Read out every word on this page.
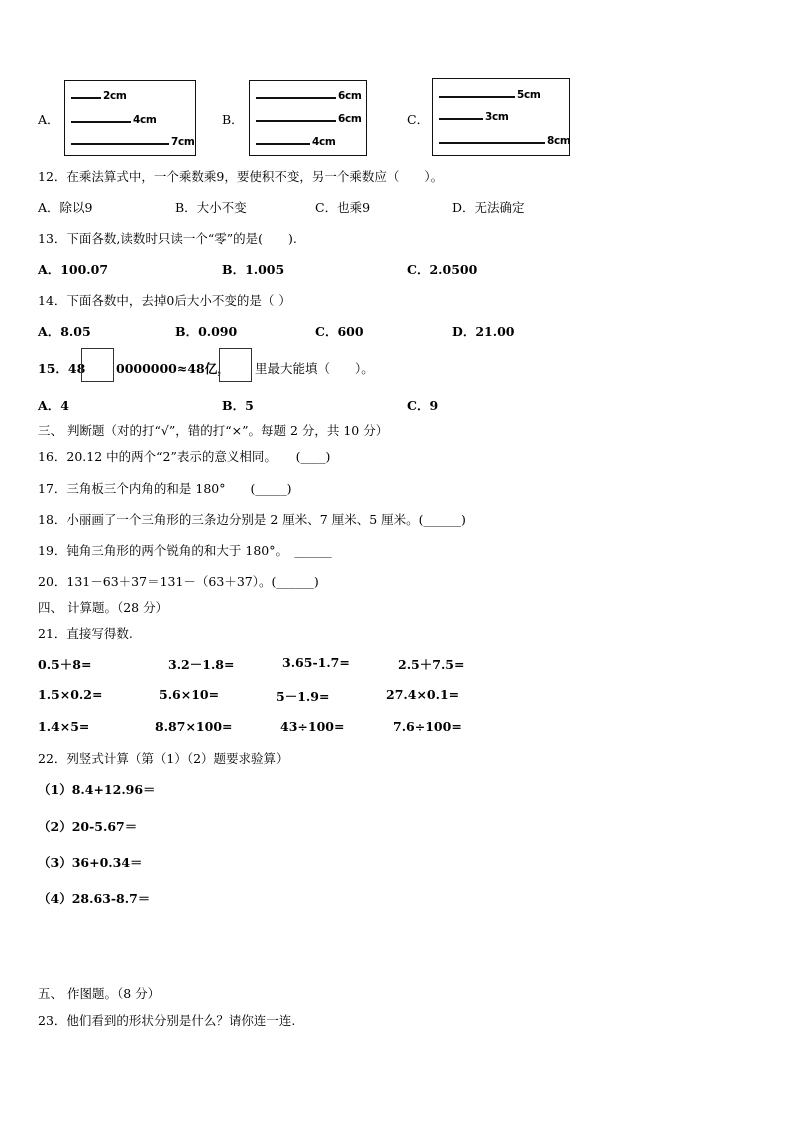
A．
2cm
4cm
7cm
B．
6cm
6cm
4cm
C．
5cm
3cm
8cm
12．在乘法算式中，一个乘数乘9，要使积不变，另一个乘数应（　　）。
A．除以9	B．大小不变	C．也乘9	D．无法确定
13．下面各数,读数时只读一个“零”的是(　　).
A．100.07	B．1.005	C．2.0500
14．下面各数中，去掉0后大小不变的是（ ）
A．8.05	B．0.090	C．600	D．21.00
15．48 0000000≈48亿， 里最大能填（　　）。
A．4	B．5	C．9
三、 判断题（对的打“√”，错的打“×”。每题 2 分，共 10 分）
16．20.12 中的两个“2”表示的意义相同。　　(____)
17．三角板三个内角的和是 180°　　(_____)
18．小丽画了一个三角形的三条边分别是 2 厘米、7 厘米、5 厘米。(______)
19．钝角三角形的两个锐角的和大于 180°。　______
20．131－63＋37＝131－（63＋37）。(______)
四、 计算题。（28 分）
21．直接写得数.
0.5＋8=	3.2－1.8=	3.65-1.7=	2.5＋7.5=
1.5×0.2=	5.6×10=	5－1.9=	27.4×0.1=
1.4×5=	8.87×100=	43÷100=	7.6÷100=
22．列竖式计算（第（1）（2）题要求验算）
（1）8.4+12.96＝
（2）20-5.67＝
（3）36+0.34＝
（4）28.63-8.7＝
五、 作图题。（8 分）
23．他们看到的形状分别是什么？请你连一连.
